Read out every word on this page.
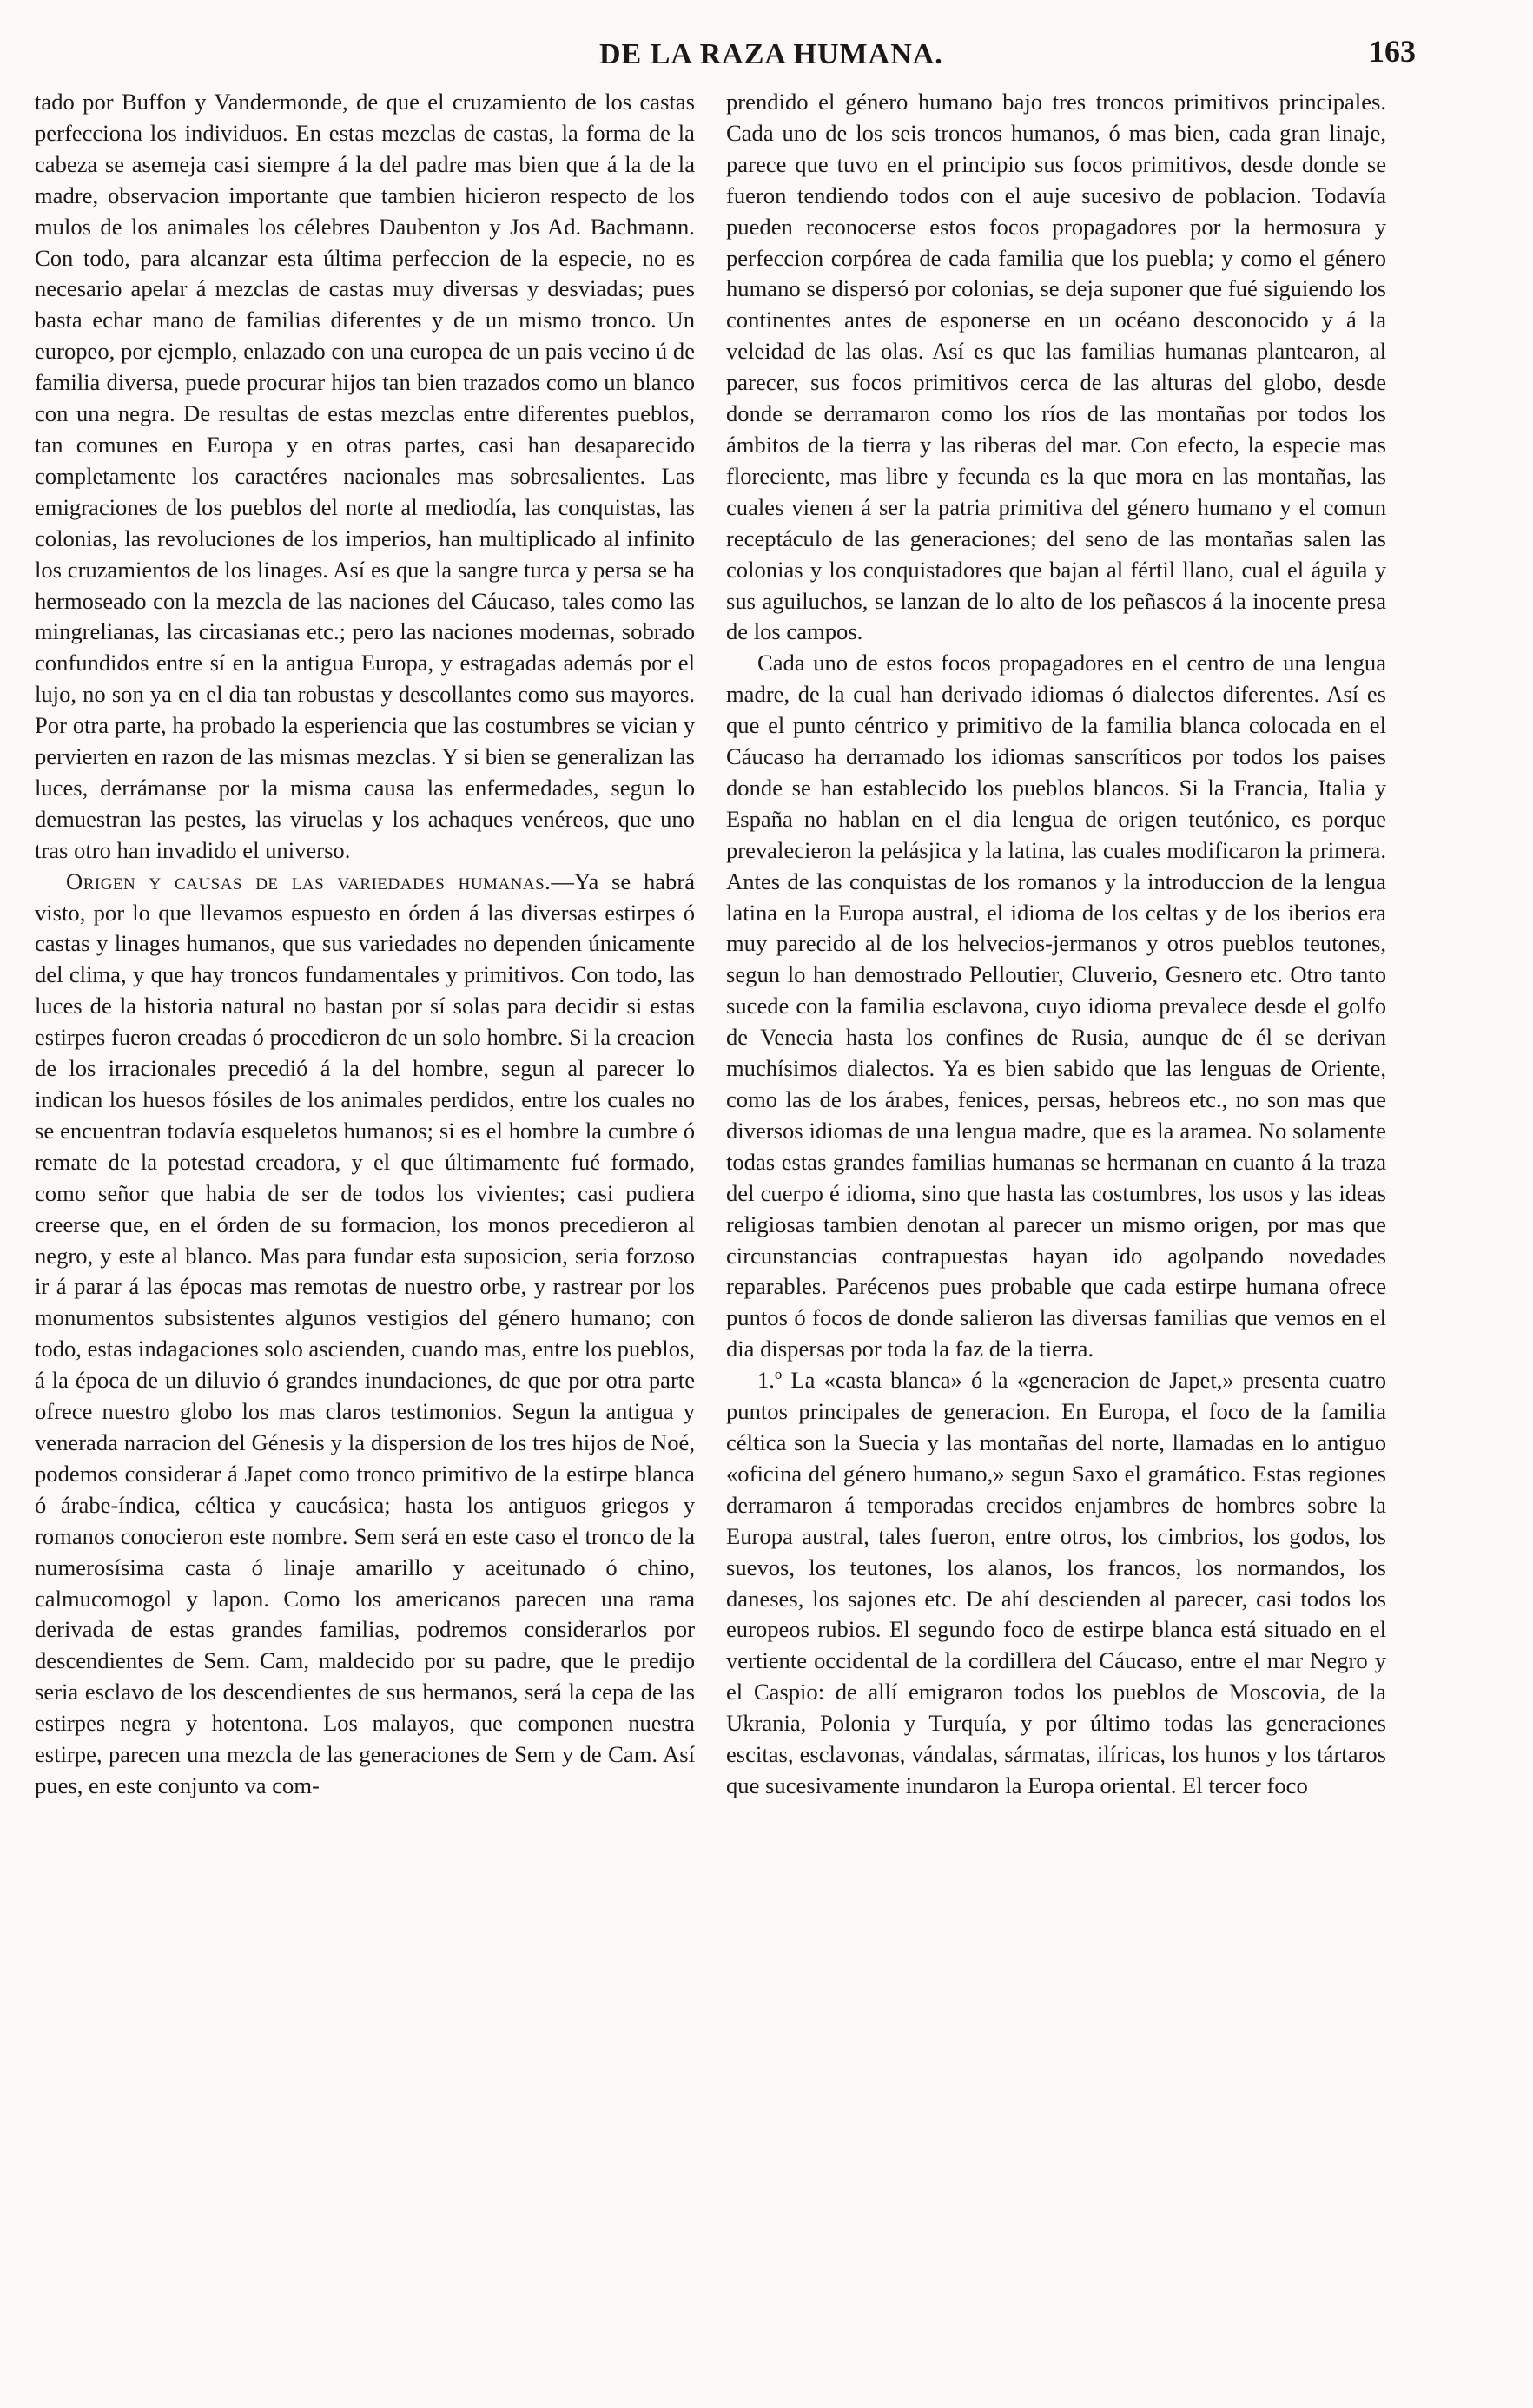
DE LA RAZA HUMANA.	163

tado por Buffon y Vandermonde, de que el cruzamiento de los castas perfecciona los individuos. En estas mezclas de castas, la forma de la cabeza se asemeja casi siempre á la del padre mas bien que á la de la madre, observacion importante que tambien hicieron respecto de los mulos de los animales los célebres Daubenton y Jos Ad. Bachmann. Con todo, para alcanzar esta última perfeccion de la especie, no es necesario apelar á mezclas de castas muy diversas y desviadas; pues basta echar mano de familias diferentes y de un mismo tronco. Un europeo, por ejemplo, enlazado con una europea de un pais vecino ú de familia diversa, puede procurar hijos tan bien trazados como un blanco con una negra. De resultas de estas mezclas entre diferentes pueblos, tan comunes en Europa y en otras partes, casi han desaparecido completamente los caractéres nacionales mas sobresalientes. Las emigraciones de los pueblos del norte al mediodía, las conquistas, las colonias, las revoluciones de los imperios, han multiplicado al infinito los cruzamientos de los linages. Así es que la sangre turca y persa se ha hermoseado con la mezcla de las naciones del Cáucaso, tales como las mingrelianas, las circasianas etc.; pero las naciones modernas, sobrado confundidos entre sí en la antigua Europa, y estragadas además por el lujo, no son ya en el dia tan robustas y descollantes como sus mayores. Por otra parte, ha probado la esperiencia que las costumbres se vician y pervierten en razon de las mismas mezclas. Y si bien se generalizan las luces, derrámanse por la misma causa las enfermedades, segun lo demuestran las pestes, las viruelas y los achaques venéreos, que uno tras otro han invadido el universo.

Origen y causas de las variedades humanas.—Ya se habrá visto, por lo que llevamos espuesto en órden á las diversas estirpes ó castas y linages humanos, que sus variedades no dependen únicamente del clima, y que hay troncos fundamentales y primitivos. Con todo, las luces de la historia natural no bastan por sí solas para decidir si estas estirpes fueron creadas ó procedieron de un solo hombre. Si la creacion de los irracionales precedió á la del hombre, segun al parecer lo indican los huesos fósiles de los animales perdidos, entre los cuales no se encuentran todavía esqueletos humanos; si es el hombre la cumbre ó remate de la potestad creadora, y el que últimamente fué formado, como señor que habia de ser de todos los vivientes; casi pudiera creerse que, en el órden de su formacion, los monos precedieron al negro, y este al blanco. Mas para fundar esta suposicion, seria forzoso ir á parar á las épocas mas remotas de nuestro orbe, y rastrear por los monumentos subsistentes algunos vestigios del género humano; con todo, estas indagaciones solo ascienden, cuando mas, entre los pueblos, á la época de un diluvio ó grandes inundaciones, de que por otra parte ofrece nuestro globo los mas claros testimonios. Segun la antigua y venerada narracion del Génesis y la dispersion de los tres hijos de Noé, podemos considerar á Japet como tronco primitivo de la estirpe blanca ó árabe-índica, céltica y caucásica; hasta los antiguos griegos y romanos conocieron este nombre. Sem será en este caso el tronco de la numerosísima casta ó linaje amarillo y aceitunado ó chino, calmucomogol y lapon. Como los americanos parecen una rama derivada de estas grandes familias, podremos considerarlos por descendientes de Sem. Cam, maldecido por su padre, que le predijo seria esclavo de los descendientes de sus hermanos, será la cepa de las estirpes negra y hotentona. Los malayos, que componen nuestra estirpe, parecen una mezcla de las generaciones de Sem y de Cam. Así pues, en este conjunto va com-

prendido el género humano bajo tres troncos primitivos principales. Cada uno de los seis troncos humanos, ó mas bien, cada gran linaje, parece que tuvo en el principio sus focos primitivos, desde donde se fueron tendiendo todos con el auje sucesivo de poblacion. Todavía pueden reconocerse estos focos propagadores por la hermosura y perfeccion corpórea de cada familia que los puebla; y como el género humano se dispersó por colonias, se deja suponer que fué siguiendo los continentes antes de esponerse en un océano desconocido y á la veleidad de las olas. Así es que las familias humanas plantearon, al parecer, sus focos primitivos cerca de las alturas del globo, desde donde se derramaron como los ríos de las montañas por todos los ámbitos de la tierra y las riberas del mar. Con efecto, la especie mas floreciente, mas libre y fecunda es la que mora en las montañas, las cuales vienen á ser la patria primitiva del género humano y el comun receptáculo de las generaciones; del seno de las montañas salen las colonias y los conquistadores que bajan al fértil llano, cual el águila y sus aguiluchos, se lanzan de lo alto de los peñascos á la inocente presa de los campos.

Cada uno de estos focos propagadores en el centro de una lengua madre, de la cual han derivado idiomas ó dialectos diferentes. Así es que el punto céntrico y primitivo de la familia blanca colocada en el Cáucaso ha derramado los idiomas sanscríticos por todos los paises donde se han establecido los pueblos blancos. Si la Francia, Italia y España no hablan en el dia lengua de origen teutónico, es porque prevalecieron la pelásjica y la latina, las cuales modificaron la primera. Antes de las conquistas de los romanos y la introduccion de la lengua latina en la Europa austral, el idioma de los celtas y de los iberios era muy parecido al de los helvecios-jermanos y otros pueblos teutones, segun lo han demostrado Pelloutier, Cluverio, Gesnero etc. Otro tanto sucede con la familia esclavona, cuyo idioma prevalece desde el golfo de Venecia hasta los confines de Rusia, aunque de él se derivan muchísimos dialectos. Ya es bien sabido que las lenguas de Oriente, como las de los árabes, fenices, persas, hebreos etc., no son mas que diversos idiomas de una lengua madre, que es la aramea. No solamente todas estas grandes familias humanas se hermanan en cuanto á la traza del cuerpo é idioma, sino que hasta las costumbres, los usos y las ideas religiosas tambien denotan al parecer un mismo origen, por mas que circunstancias contrapuestas hayan ido agolpando novedades reparables. Parécenos pues probable que cada estirpe humana ofrece puntos ó focos de donde salieron las diversas familias que vemos en el dia dispersas por toda la faz de la tierra.

1.º La «casta blanca» ó la «generacion de Japet,» presenta cuatro puntos principales de generacion. En Europa, el foco de la familia céltica son la Suecia y las montañas del norte, llamadas en lo antiguo «oficina del género humano,» segun Saxo el gramático. Estas regiones derramaron á temporadas crecidos enjambres de hombres sobre la Europa austral, tales fueron, entre otros, los cimbrios, los godos, los suevos, los teutones, los alanos, los francos, los normandos, los daneses, los sajones etc. De ahí descienden al parecer, casi todos los europeos rubios. El segundo foco de estirpe blanca está situado en el vertiente occidental de la cordillera del Cáucaso, entre el mar Negro y el Caspio: de allí emigraron todos los pueblos de Moscovia, de la Ukrania, Polonia y Turquía, y por último todas las generaciones escitas, esclavonas, vándalas, sármatas, ilíricas, los hunos y los tártaros que sucesivamente inundaron la Europa oriental. El tercer foco
